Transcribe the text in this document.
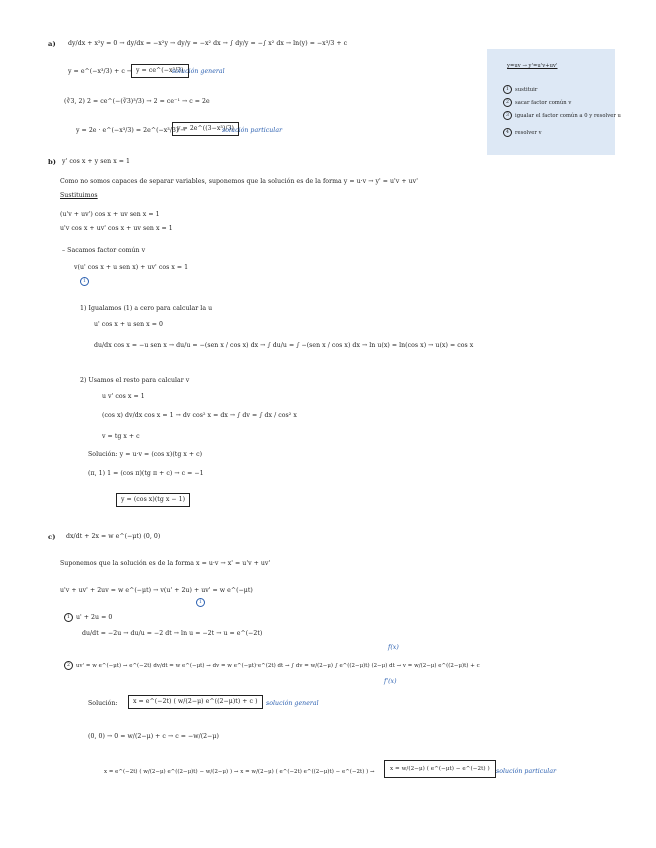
a) dy/dx + x²y = 0 → dy/dx = −x²y → dy/y = −x² dx → ∫ dy/y = −∫ x² dx → ln(y) = −x³/3 + c
y = e^(−x³/3) + c → y = ce^(−x³/3)
solución general
(∛3, 2) 2 = ce^(−(∛3)³/3) → 2 = ce⁻¹ → c = 2e
y = 2e · e^(−x³/3) = 2e^(−x³/3) →
y = 2e^((3−x³)/3)
solución particular
y=uv → y'=u'v+uv'
1 sustituir
2 sacar factor común v
3 igualar el factor común a 0 y resolver u
4 resolver v
b) y' cos x + y sen x = 1
Como no somos capaces de separar variables, suponemos que la solución es de la forma y = u·v → y' = u'v + uv'
Sustituimos
(u'v + uv') cos x + uv sen x = 1
u'v cos x + uv' cos x + uv sen x = 1
– Sacamos factor común v
v(u' cos x + u sen x) + uv' cos x = 1
1
1) Igualamos (1) a cero para calcular la u
u' cos x + u sen x = 0
du/dx cos x = −u sen x → du/u = −(sen x / cos x) dx → ∫ du/u = ∫ −(sen x / cos x) dx → ln u(x) = ln(cos x) → u(x) = cos x
2) Usamos el resto para calcular v
u v' cos x = 1
(cos x) dv/dx cos x = 1 → dv cos² x = dx → ∫ dv = ∫ dx / cos² x
v = tg x + c
Solución: y = u·v = (cos x)(tg x + c)
(π, 1) 1 = (cos π)(tg π + c) → c = −1
y = (cos x)(tg x − 1)
c) dx/dt + 2x = w e^(−μt) (0, 0)
Suponemos que la solución es de la forma x = u·v → x' = u'v + uv'
u'v + uv' + 2uv = w e^(−μt) → v(u' + 2u) + uv' = w e^(−μt)
1
1 u' + 2u = 0
du/dt = −2u → du/u = −2 dt → ln u = −2t → u = e^(−2t)
f(x)
2 uv' = w e^(−μt) → e^(−2t) dv/dt = w e^(−μt) → dv = w e^(−μt)·e^(2t) dt → ∫ dv = w/(2−μ) ∫ e^((2−μ)t) (2−μ) dt → v = w/(2−μ) e^((2−μ)t) + c
f'(x)
Solución:	x = e^(−2t) ( w/(2−μ) e^((2−μ)t) + c )	solución general
(0, 0) → 0 = w/(2−μ) + c → c = −w/(2−μ)
x = e^(−2t) ( w/(2−μ) e^((2−μ)t) − w/(2−μ) ) → x = w/(2−μ) ( e^(−2t) e^((2−μ)t) − e^(−2t) ) →	x = w/(2−μ) ( e^(−μt) − e^(−2t) )	solución particular
